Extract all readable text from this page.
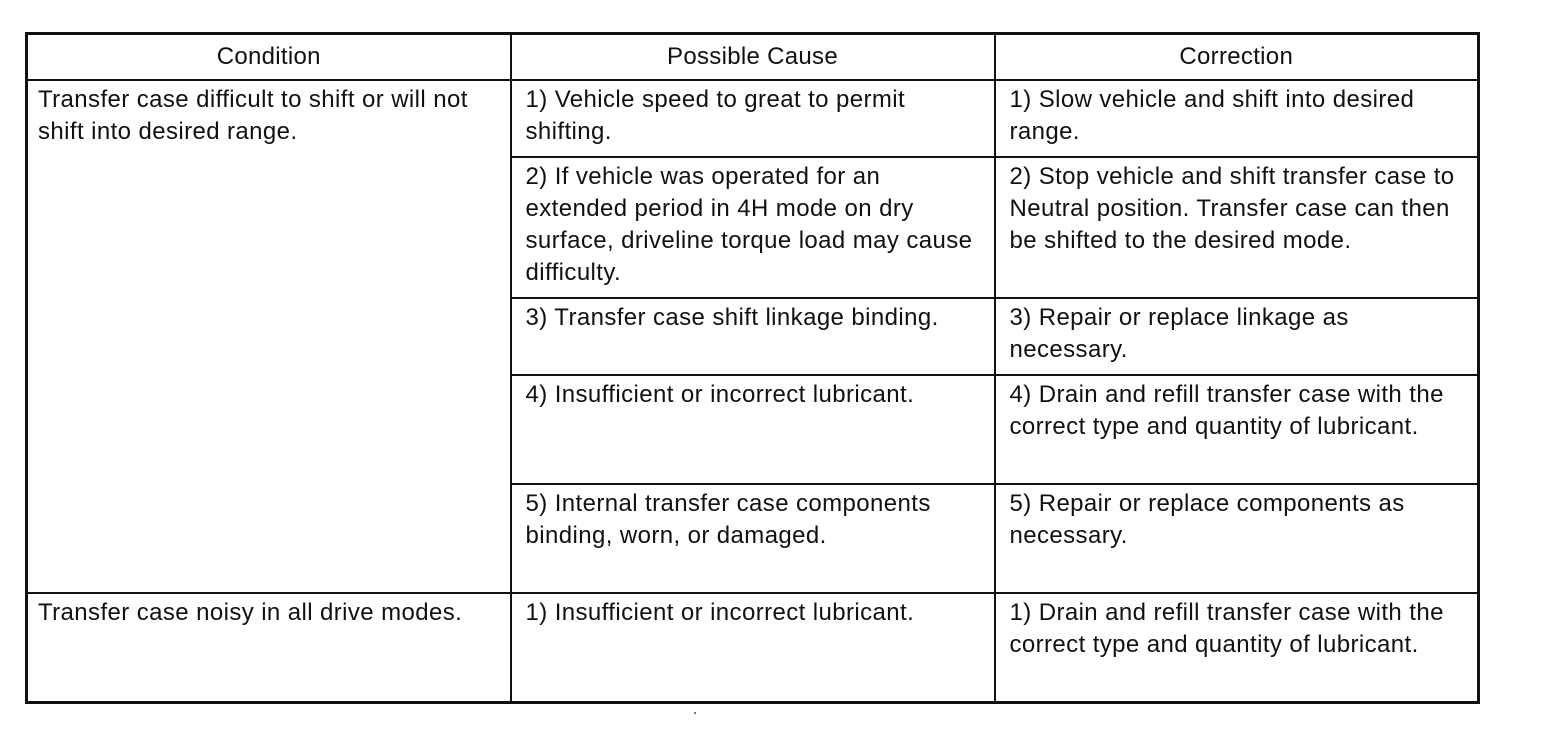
Condition	Possible Cause	Correction
Transfer case difficult to shift or will not shift into desired range.	1) Vehicle speed to great to permit shifting.	1) Slow vehicle and shift into desired range.
	2) If vehicle was operated for an extended period in 4H mode on dry surface, driveline torque load may cause difficulty.	2) Stop vehicle and shift transfer case to Neutral position. Transfer case can then be shifted to the desired mode.
	3) Transfer case shift linkage binding.	3) Repair or replace linkage as necessary.
	4) Insufficient or incorrect lubricant.	4) Drain and refill transfer case with the correct type and quantity of lubricant.
	5) Internal transfer case components binding, worn, or damaged.	5) Repair or replace components as necessary.
Transfer case noisy in all drive modes.	1) Insufficient or incorrect lubricant.	1) Drain and refill transfer case with the correct type and quantity of lubricant.
